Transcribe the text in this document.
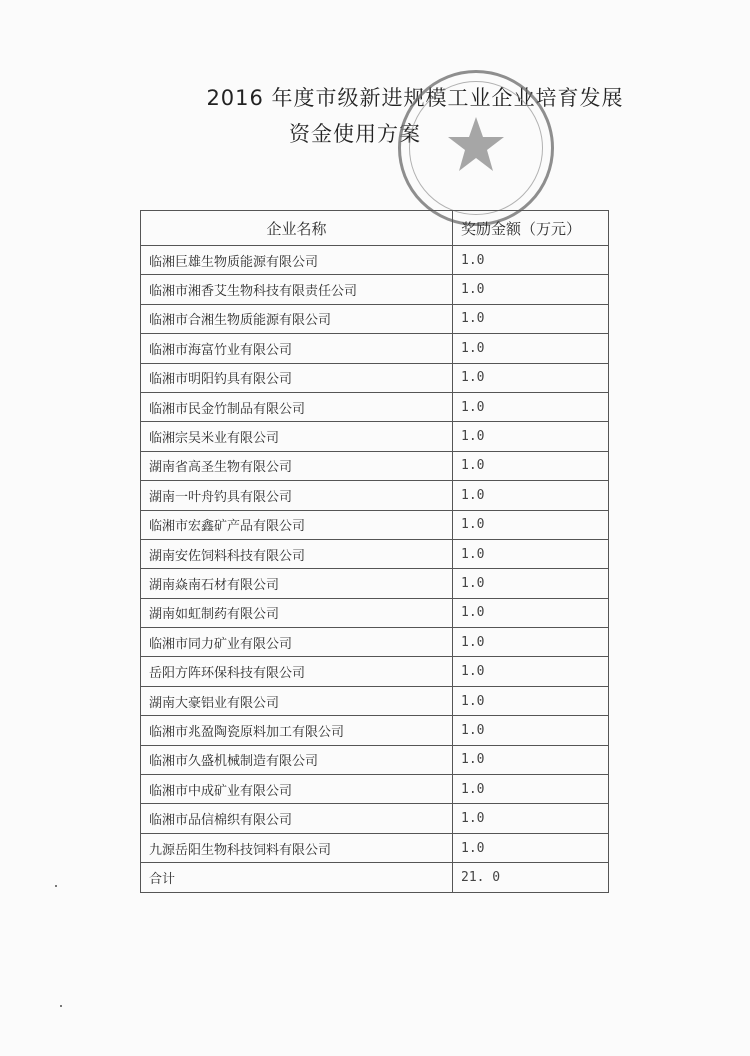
2016 年度市级新进规模工业企业培育发展
资金使用方案
企业名称	奖励金额（万元）
临湘巨雄生物质能源有限公司	1.0
临湘市湘香艾生物科技有限责任公司	1.0
临湘市合湘生物质能源有限公司	1.0
临湘市海富竹业有限公司	1.0
临湘市明阳钓具有限公司	1.0
临湘市民金竹制品有限公司	1.0
临湘宗吴米业有限公司	1.0
湖南省高圣生物有限公司	1.0
湖南一叶舟钓具有限公司	1.0
临湘市宏鑫矿产品有限公司	1.0
湖南安佐饲料科技有限公司	1.0
湖南焱南石材有限公司	1.0
湖南如虹制药有限公司	1.0
临湘市同力矿业有限公司	1.0
岳阳方阵环保科技有限公司	1.0
湖南大豪铝业有限公司	1.0
临湘市兆盈陶瓷原料加工有限公司	1.0
临湘市久盛机械制造有限公司	1.0
临湘市中成矿业有限公司	1.0
临湘市品信棉织有限公司	1.0
九源岳阳生物科技饲料有限公司	1.0
合计	21. 0
